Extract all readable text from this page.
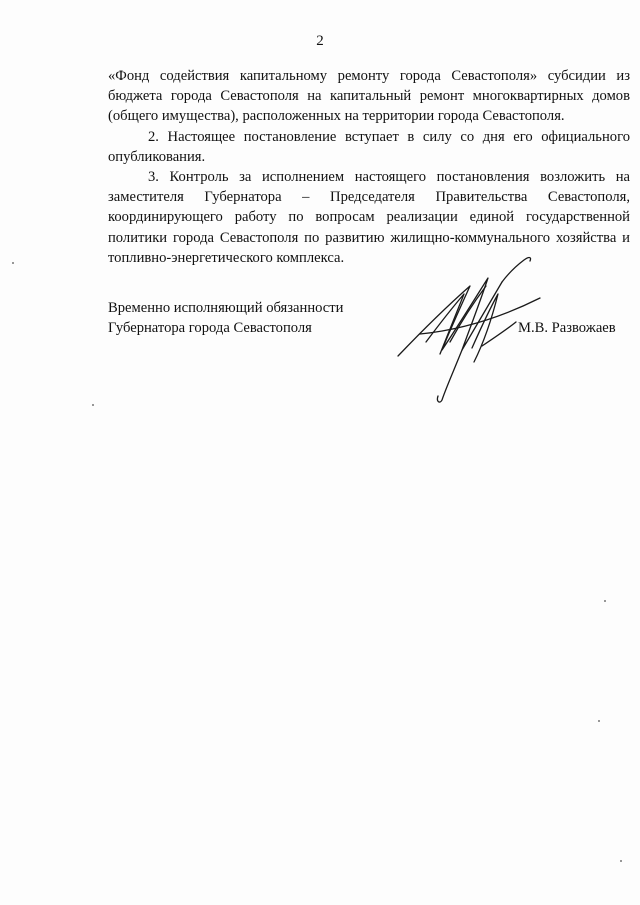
2

«Фонд содействия капитальному ремонту города Севастополя» субсидии из бюджета города Севастополя на капитальный ремонт многоквартирных домов (общего имущества), расположенных на территории города Севастополя.

2. Настоящее постановление вступает в силу со дня его официального опубликования.

3. Контроль за исполнением настоящего постановления возложить на заместителя Губернатора – Председателя Правительства Севастополя, координирующего работу по вопросам реализации единой государственной политики города Севастополя по развитию жилищно-коммунального хозяйства и топливно-энергетического комплекса.

Временно исполняющий обязанности
Губернатора города Севастополя	М.В. Развожаев
